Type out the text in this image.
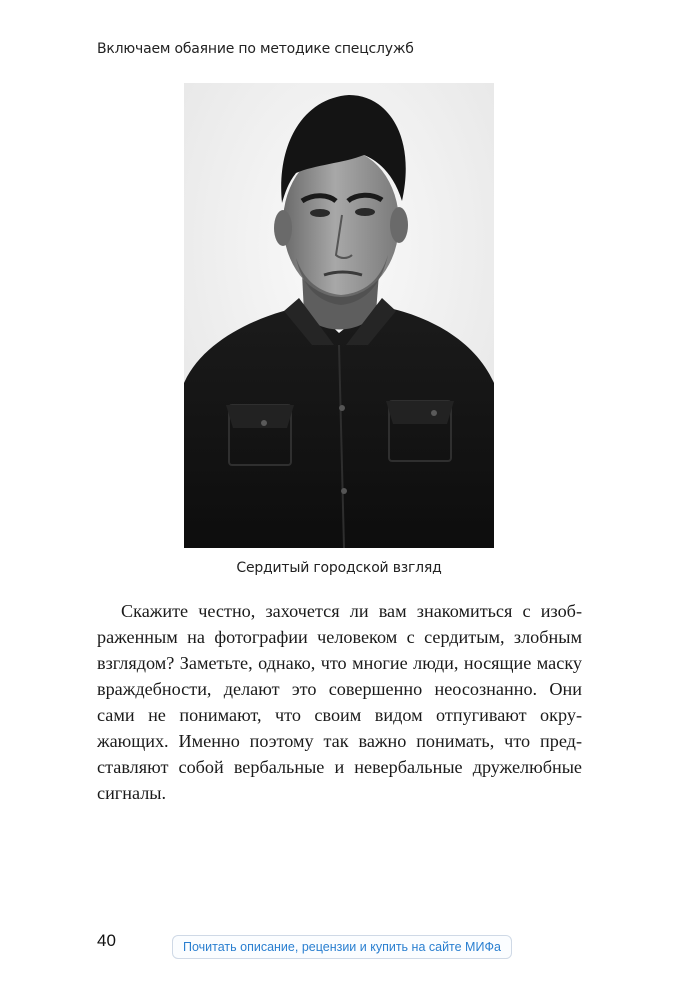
Включаем обаяние по методике спецслужб
Сердитый городской взгляд

Скажите честно, захочется ли вам знакомиться с изображенным на фотографии человеком с сердитым, злобным взглядом? Заметьте, однако, что многие люди, носящие маску враждебности, делают это совершенно неосознанно. Они сами не понимают, что своим видом отпугивают окружающих. Именно поэтому так важно понимать, что представляют собой вербальные и невербальные дружелюбные сигналы.

40	Почитать описание, рецензии и купить на сайте МИФа
